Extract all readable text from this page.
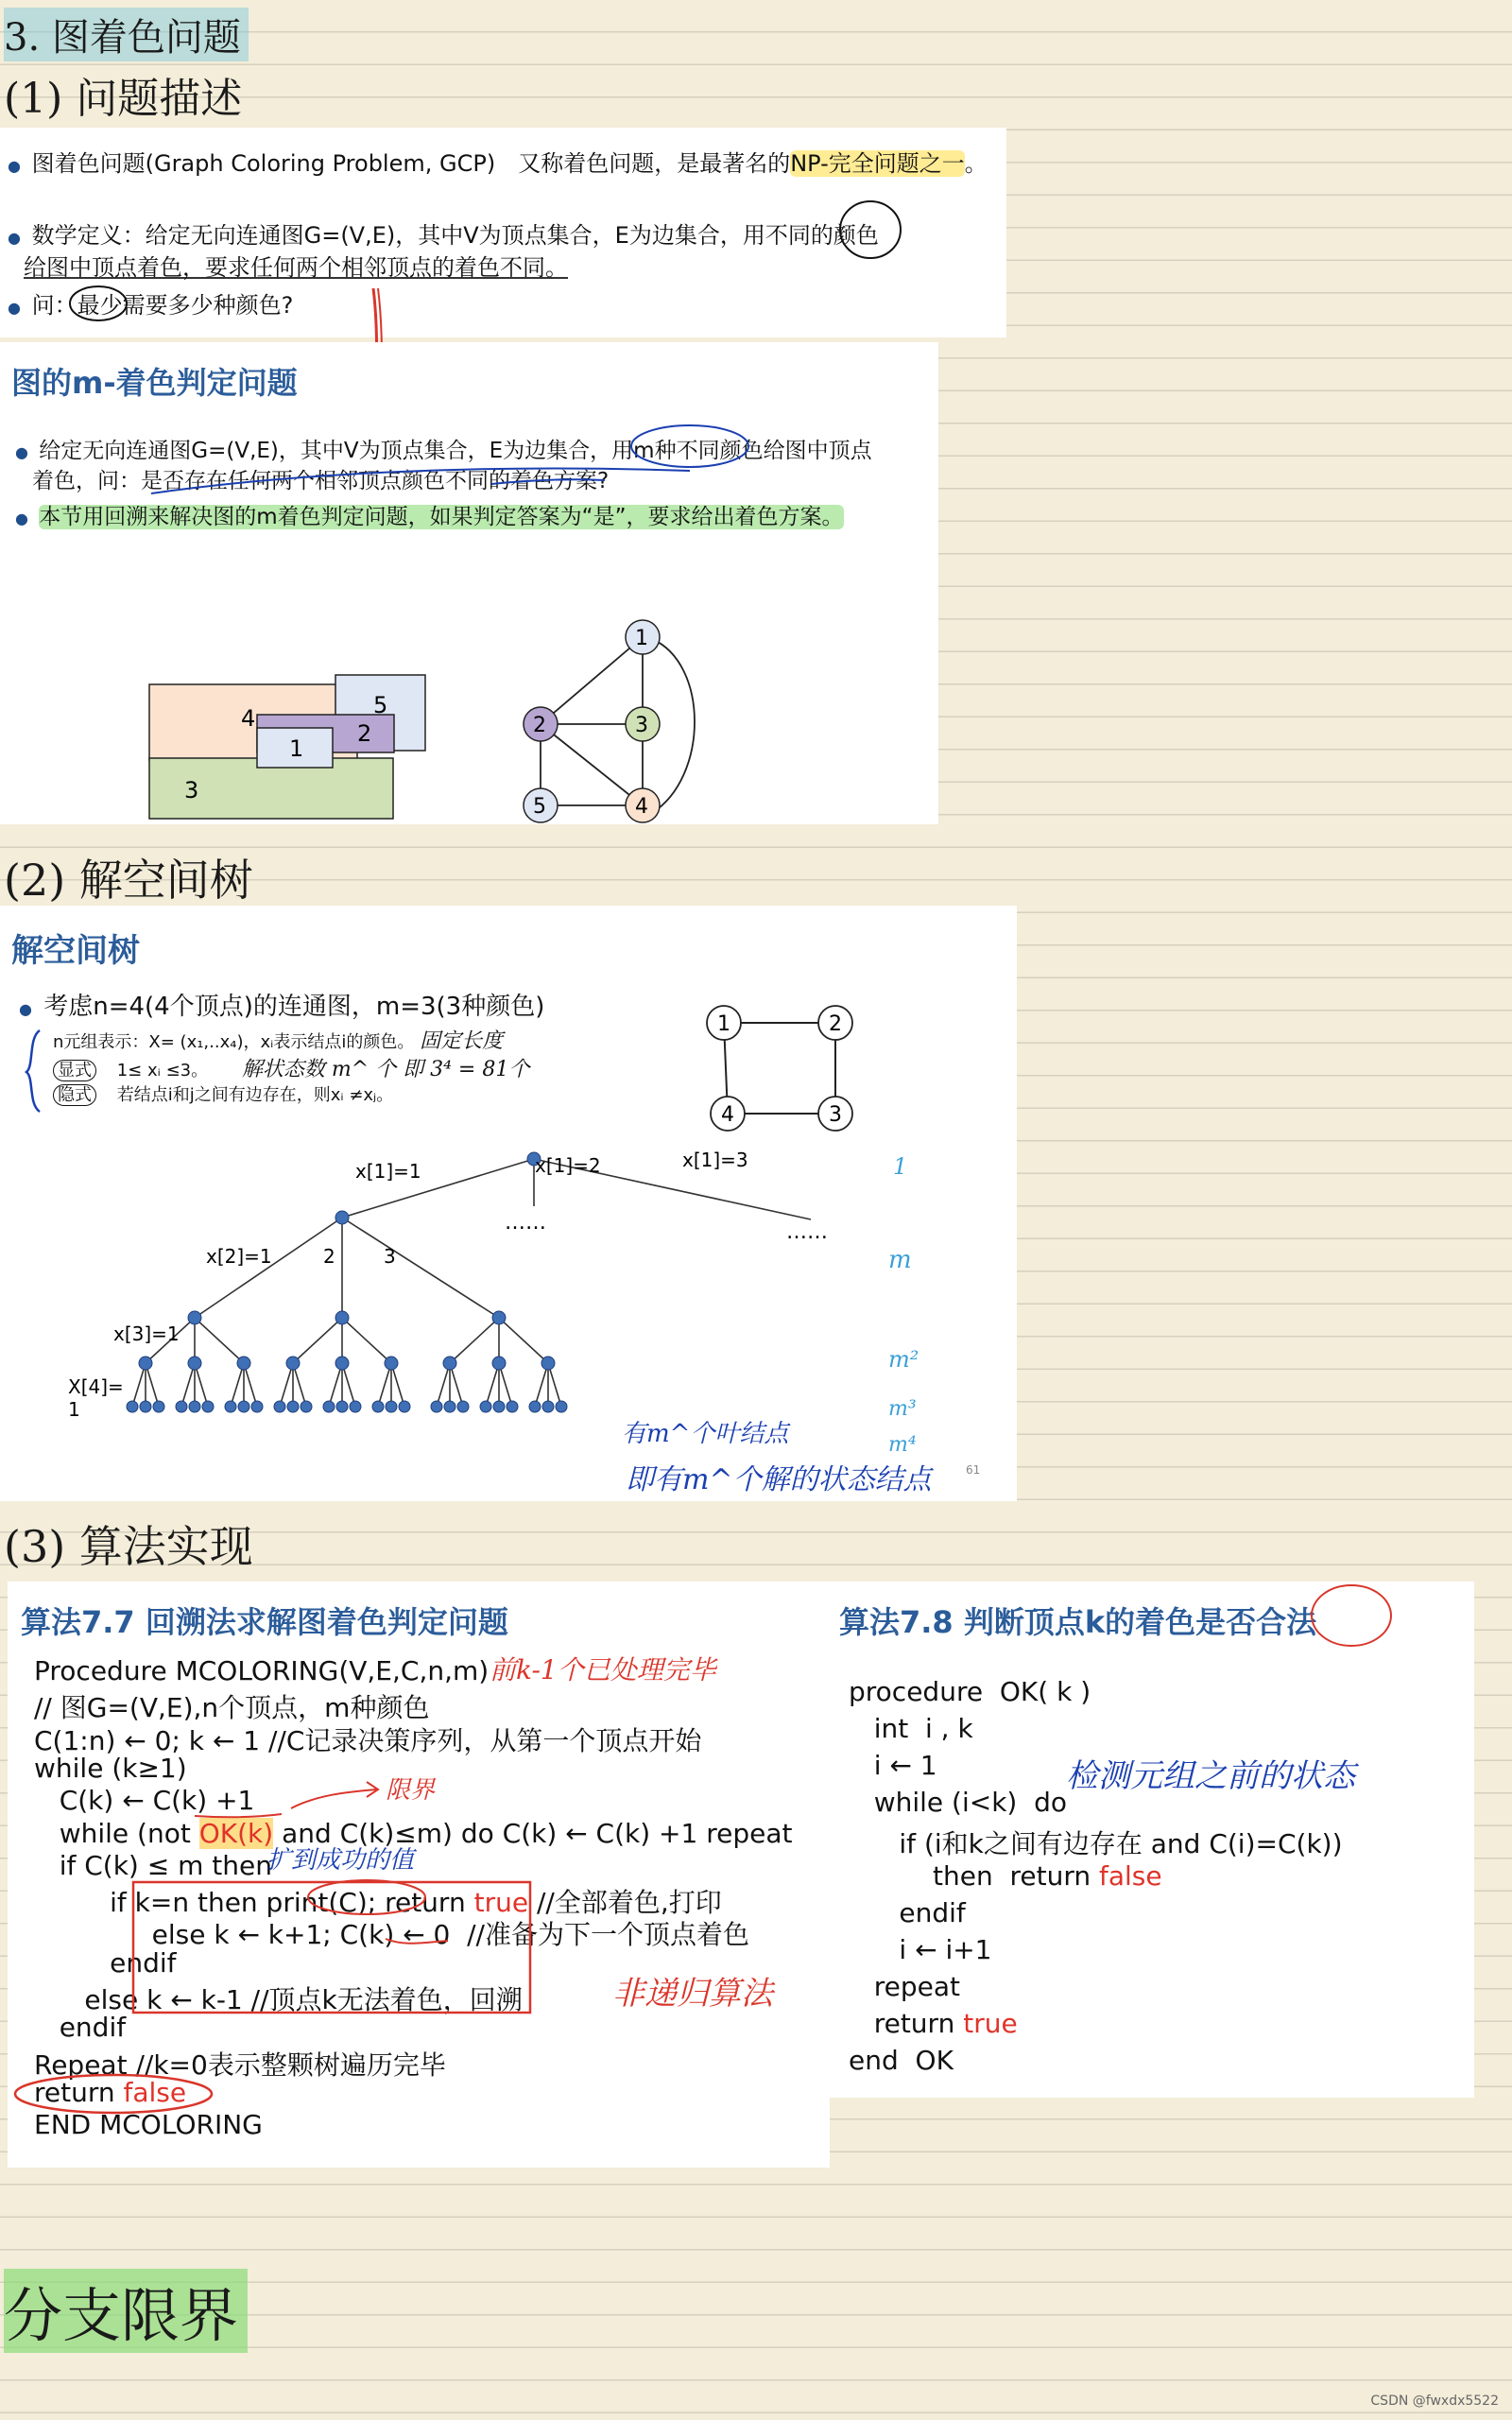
3. 图着色问题
(1) 问题描述
● 图着色问题(Graph Coloring Problem, GCP)　又称着色问题，是最著名的NP-完全问题之一。
● 数学定义：给定无向连通图G=(V,E)，其中V为顶点集合，E为边集合，用不同的颜色
给图中顶点着色，要求任何两个相邻顶点的着色不同。
● 问：最少需要多少种颜色?
图的m-着色判定问题
● 给定无向连通图G=(V,E)，其中V为顶点集合，E为边集合，用m种不同颜色给图中顶点
着色，问：是否存在任何两个相邻顶点颜色不同的着色方案?
● 本节用回溯来解决图的m着色判定问题，如果判定答案为“是”，要求给出着色方案。
4	5
1
2
3
1
2	3
4
5
(2) 解空间树
解空间树
● 考虑n=4(4个顶点)的连通图，m=3(3种颜色)
n元组表示：X= (x₁,..x₄)，xᵢ表示结点i的颜色。 固定长度
显式 1≤ xᵢ ≤3。 解状态数 m^ 个 即 3⁴ = 81个
隐式 若结点i和j之间有边存在，则xᵢ ≠xⱼ。
1	2
4	3
x[1]=1	x[1]=2	x[1]=3
……	……
x[2]=1	2	3
x[3]=1
X[4]=
1
1
m
m²
m³
m⁴
有m^个叶结点
即有m^个解的状态结点	61
(3) 算法实现
算法7.7 回溯法求解图着色判定问题
Procedure MCOLORING(V,E,C,n,m)
// 图G=(V,E),n个顶点，m种颜色
C(1:n) ← 0; k ← 1 //C记录决策序列，从第一个顶点开始
while (k≥1)
C(k) ← C(k) +1
while (not OK(k) and C(k)≤m) do C(k) ← C(k) +1 repeat
if C(k) ≤ m then
if k=n then print(C); return true //全部着色,打印
else k ← k+1; C(k) ← 0  //准备为下一个顶点着色
endif
else k ← k-1 //顶点k无法着色，回溯
endif
Repeat //k=0表示整颗树遍历完毕
return false
END MCOLORING
前k-1个已处理完毕
限界
扩到成功的值
非递归算法
算法7.8 判断顶点k的着色是否合法
procedure  OK( k )
int  i , k
i ← 1
while (i<k)  do
if (i和k之间有边存在 and C(i)=C(k))
then  return false
endif
i ← i+1
repeat
return true
end  OK
检测元组之前的状态
分支限界
CSDN @fwxdx5522
